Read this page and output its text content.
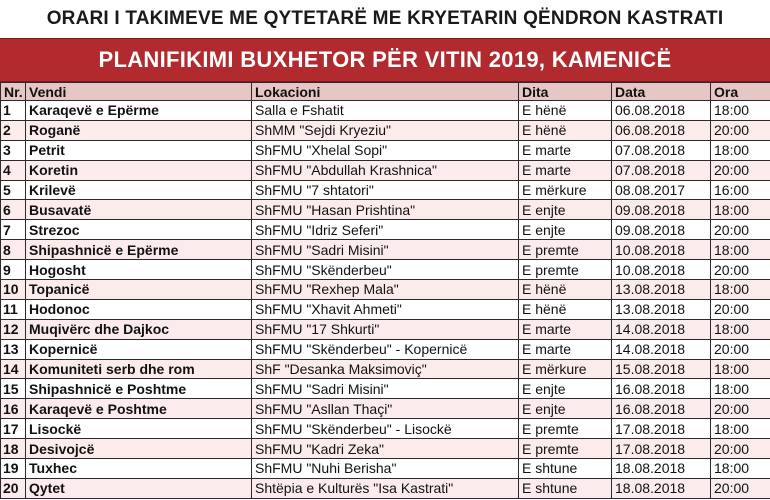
ORARI I TAKIMEVE ME QYTETARË ME KRYETARIN QËNDRON KASTRATI
PLANIFIKIMI BUXHETOR PËR VITIN 2019, KAMENICË
Nr.	Vendi	Lokacioni	Dita	Data	Ora
1	Karaqevë e Epërme	Salla e Fshatit	E hënë	06.08.2018	18:00
2	Roganë	ShMM "Sejdi Kryeziu"	E hënë	06.08.2018	20:00
3	Petrit	ShFMU "Xhelal Sopi"	E marte	07.08.2018	18:00
4	Koretin	ShFMU "Abdullah Krashnica"	E marte	07.08.2018	20:00
5	Krilevë	ShFMU "7 shtatori"	E mërkure	08.08.2017	16:00
6	Busavatë	ShFMU "Hasan Prishtina"	E enjte	09.08.2018	18:00
7	Strezoc	ShFMU "Idriz Seferi"	E enjte	09.08.2018	20:00
8	Shipashnicë e Epërme	ShFMU "Sadri Misini"	E premte	10.08.2018	18:00
9	Hogosht	ShFMU "Skënderbeu"	E premte	10.08.2018	20:00
10	Topanicë	ShFMU "Rexhep Mala"	E hënë	13.08.2018	18:00
11	Hodonoc	ShFMU "Xhavit Ahmeti"	E hënë	13.08.2018	20:00
12	Muqivërc dhe Dajkoc	ShFMU "17 Shkurti"	E marte	14.08.2018	18:00
13	Kopernicë	ShFMU "Skënderbeu" - Kopernicë	E marte	14.08.2018	20:00
14	Komuniteti serb dhe rom	ShF "Desanka Maksimoviç"	E mërkure	15.08.2018	18:00
15	Shipashnicë e Poshtme	ShFMU "Sadri Misini"	E enjte	16.08.2018	18:00
16	Karaqevë e Poshtme	ShFMU "Asllan Thaçi"	E enjte	16.08.2018	20:00
17	Lisockë	ShFMU "Skënderbeu" - Lisockë	E premte	17.08.2018	18:00
18	Desivojcë	ShFMU "Kadri Zeka"	E premte	17.08.2018	20:00
19	Tuxhec	ShFMU "Nuhi Berisha"	E shtune	18.08.2018	18:00
20	Qytet	Shtëpia e Kulturës "Isa Kastrati"	E shtune	18.08.2018	20:00
